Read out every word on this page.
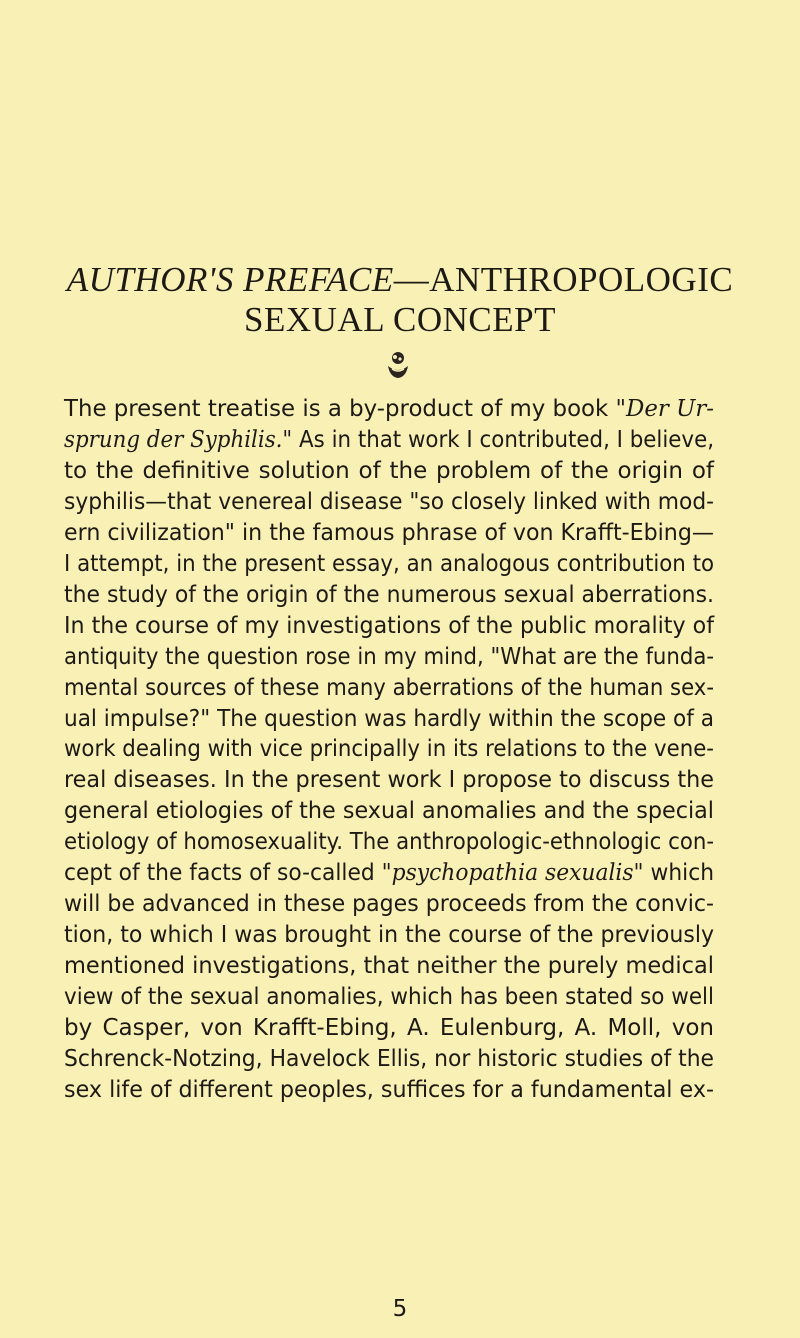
AUTHOR'S PREFACE—ANTHROPOLOGIC
SEXUAL CONCEPT
The present treatise is a by-product of my book "Der Ur-
sprung der Syphilis." As in that work I contributed, I believe,
to the definitive solution of the problem of the origin of
syphilis—that venereal disease "so closely linked with mod-
ern civilization" in the famous phrase of von Krafft-Ebing—
I attempt, in the present essay, an analogous contribution to
the study of the origin of the numerous sexual aberrations.
In the course of my investigations of the public morality of
antiquity the question rose in my mind, "What are the funda-
mental sources of these many aberrations of the human sex-
ual impulse?" The question was hardly within the scope of a
work dealing with vice principally in its relations to the vene-
real diseases. In the present work I propose to discuss the
general etiologies of the sexual anomalies and the special
etiology of homosexuality. The anthropologic-ethnologic con-
cept of the facts of so-called "psychopathia sexualis" which
will be advanced in these pages proceeds from the convic-
tion, to which I was brought in the course of the previously
mentioned investigations, that neither the purely medical
view of the sexual anomalies, which has been stated so well
by Casper, von Krafft-Ebing, A. Eulenburg, A. Moll, von
Schrenck-Notzing, Havelock Ellis, nor historic studies of the
sex life of different peoples, suffices for a fundamental ex-
5
